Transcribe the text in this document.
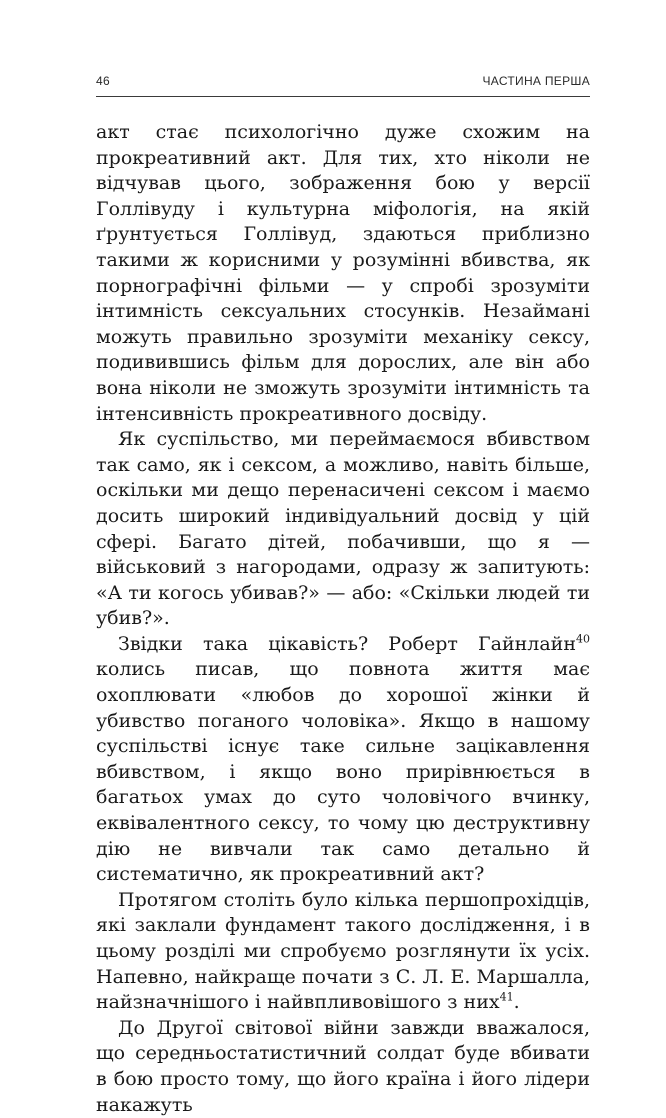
46	ЧАСТИНА ПЕРША

акт стає психологічно дуже схожим на прокреативний акт. Для тих, хто ніколи не відчував цього, зображення бою у версії Голлівуду і культурна міфологія, на якій ґрунтується Голлівуд, здаються приблизно такими ж корисними у розумінні вбивства, як порнографічні фільми — у спробі зрозуміти інтимність сексуальних стосунків. Незаймані можуть правильно зрозуміти механіку сексу, подивившись фільм для дорослих, але він або вона ніколи не зможуть зрозуміти інтимність та інтенсивність прокреативного досвіду.

Як суспільство, ми переймаємося вбивством так само, як і сексом, а можливо, навіть більше, оскільки ми дещо перенасичені сексом і маємо досить широкий індивідуальний досвід у цій сфері. Багато дітей, побачивши, що я — військовий з нагородами, одразу ж запитують: «А ти когось убивав?» — або: «Скільки людей ти убив?».

Звідки така цікавість? Роберт Гайнлайн$^{40}$ колись писав, що повнота життя має охоплювати «любов до хорошої жінки й убивство поганого чоловіка». Якщо в нашому суспільстві існує таке сильне зацікавлення вбивством, і якщо воно прирівнюється в багатьох умах до суто чоловічого вчинку, еквівалентного сексу, то чому цю деструктивну дію не вивчали так само детально й систематично, як прокреативний акт?

Протягом століть було кілька першопрохідців, які заклали фундамент такого дослідження, і в цьому розділі ми спробуємо розглянути їх усіх. Напевно, найкраще почати з С. Л. Е. Маршалла, найзначнішого і найвпливовішого з них$^{41}$.

До Другої світової війни завжди вважалося, що середньостатистичний солдат буде вбивати в бою просто тому, що його країна і його лідери накажуть
